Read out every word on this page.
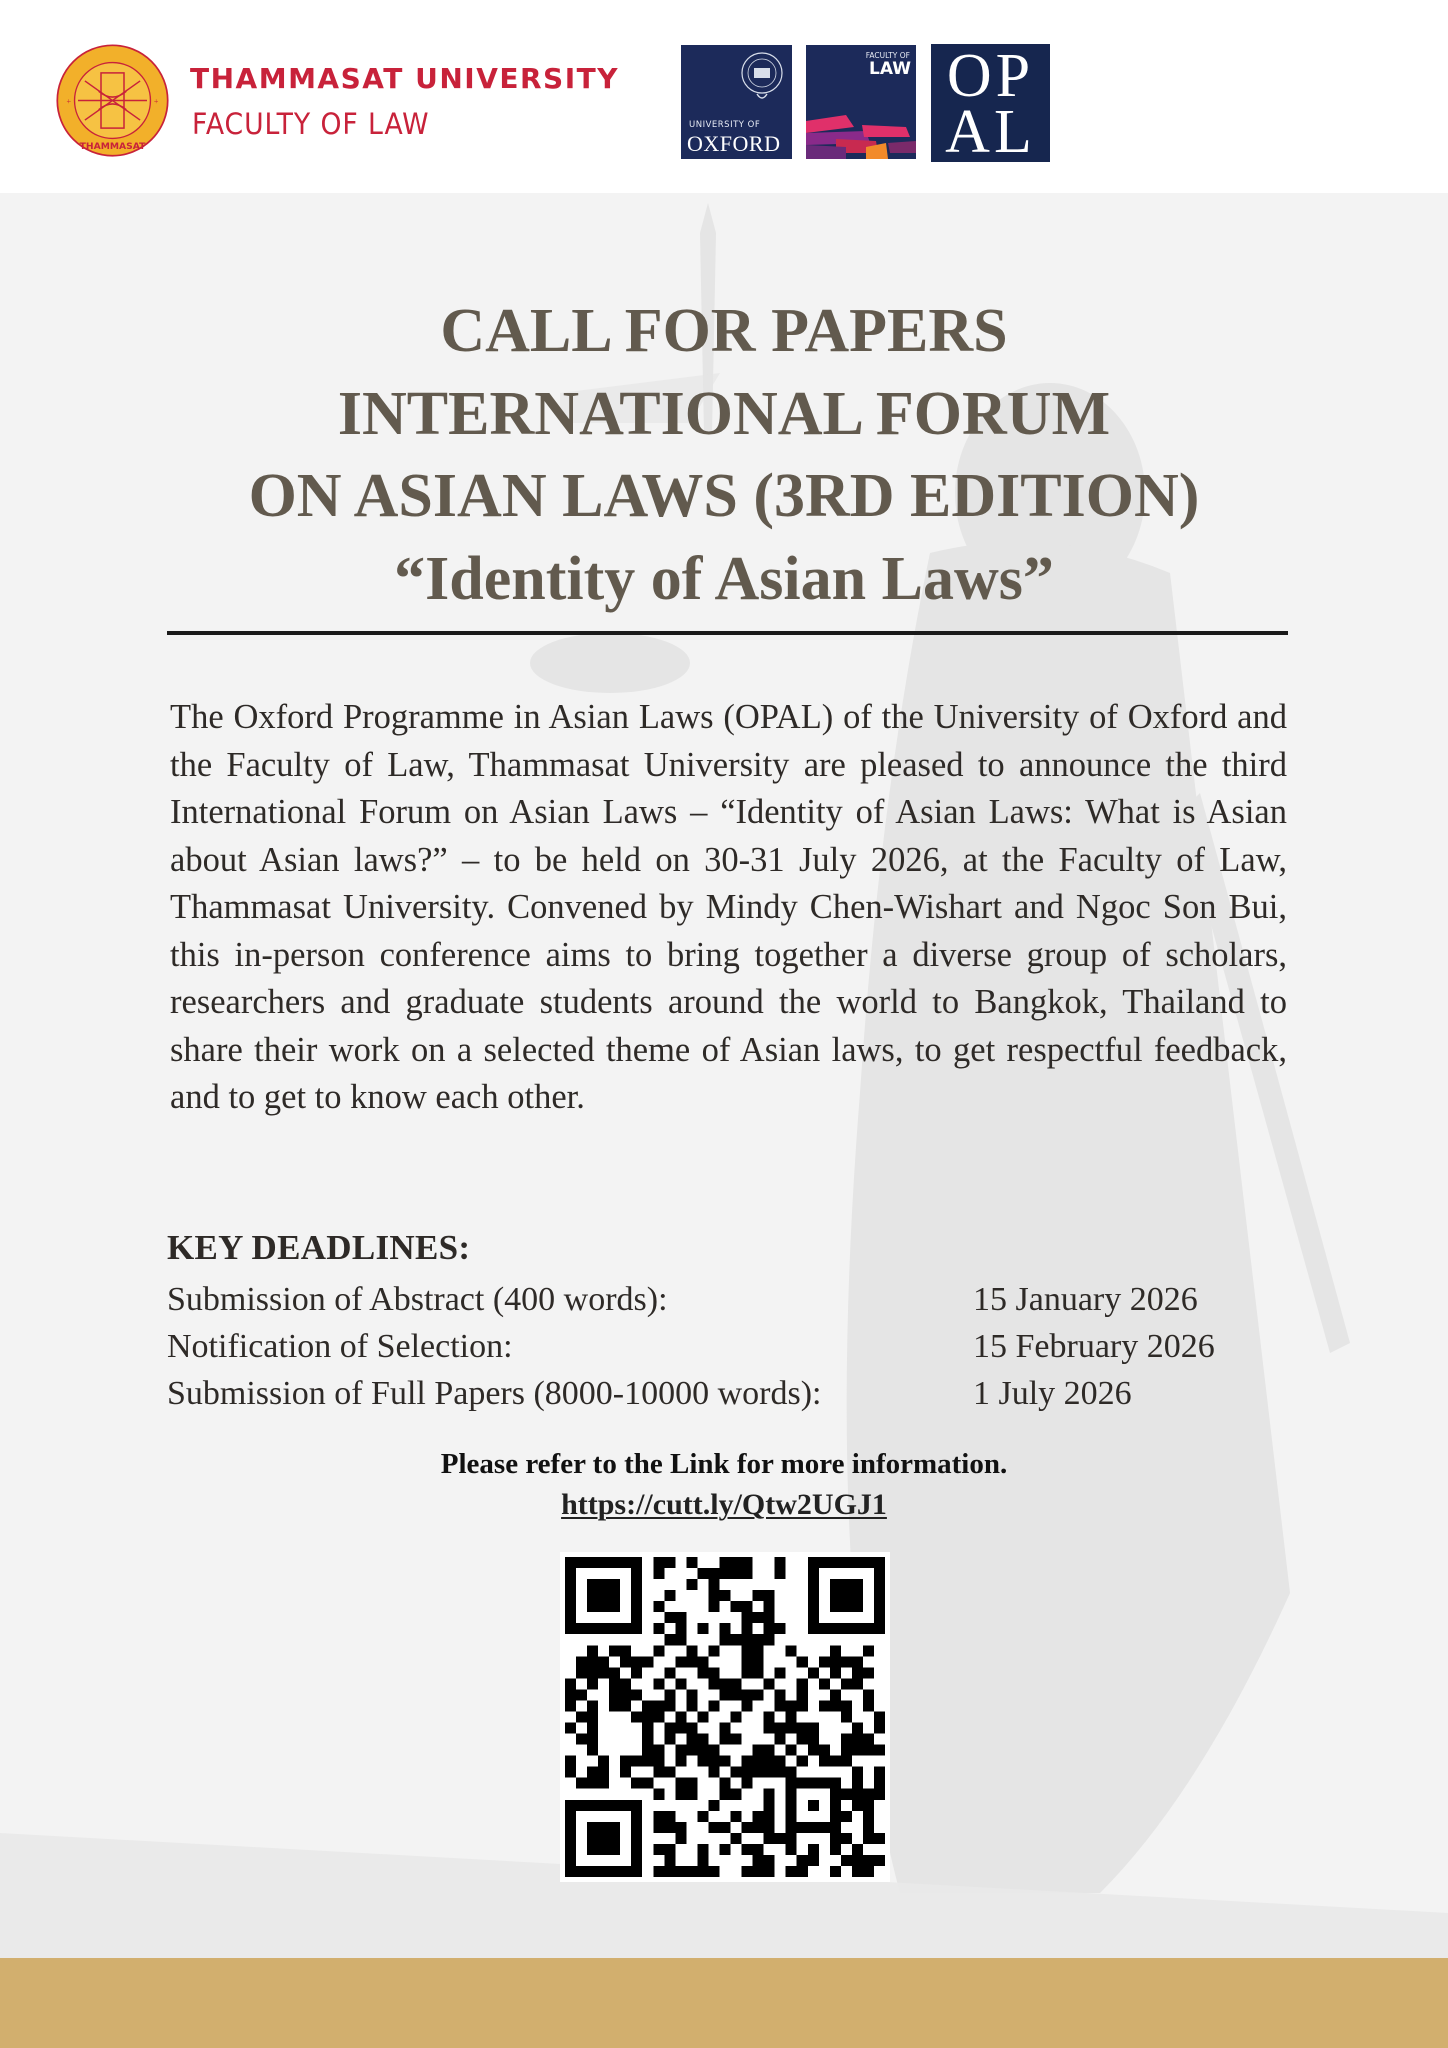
THAMMASAT
+	+
THAMMASAT UNIVERSITY
FACULTY OF LAW	UNIVERSITY OF
OXFORD
FACULTY OF
LAW OP
AL
CALL FOR PAPERS
INTERNATIONAL FORUM
ON ASIAN LAWS (3RD EDITION)
“Identity of Asian Laws”

The Oxford Programme in Asian Laws (OPAL) of the University of Oxford and the Faculty of Law, Thammasat University are pleased to announce the third International Forum on Asian Laws – “Identity of Asian Laws: What is Asian about Asian laws?” – to be held on 30-31 July 2026, at the Faculty of Law, Thammasat University. Convened by Mindy Chen-Wishart and Ngoc Son Bui, this in-person conference aims to bring together a diverse group of scholars, researchers and graduate students around the world to Bangkok, Thailand to share their work on a selected theme of Asian laws, to get respectful feedback, and to get to know each other.

KEY DEADLINES:
Submission of Abstract (400 words):	15 January 2026
Notification of Selection:	15 February 2026
Submission of Full Papers (8000-10000 words):	1 July 2026
Please refer to the Link for more information.
https://cutt.ly/Qtw2UGJ1
